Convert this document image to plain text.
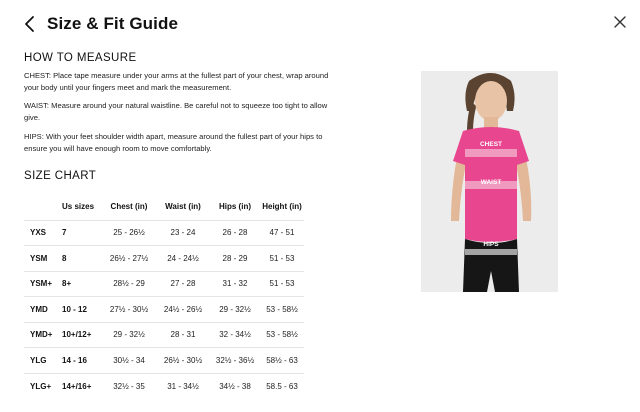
Size & Fit Guide
HOW TO MEASURE

CHEST: Place tape measure under your arms at the fullest part of your chest, wrap around your body until your fingers meet and mark the measurement.

WAIST: Measure around your natural waistline. Be careful not to squeeze too tight to allow give.

HIPS: With your feet shoulder width apart, measure around the fullest part of your hips to ensure you will have enough room to move comfortably.	CHEST
WAIST
HIPS
SIZE CHART
	Us sizes	Chest (in)	Waist (in)	Hips (in)	Height (in)
YXS	7	25 - 26½	23 - 24	26 - 28	47 - 51
YSM	8	26½ - 27½	24 - 24½	28 - 29	51 - 53
YSM+	8+	28½ - 29	27 - 28	31 - 32	51 - 53
YMD	10 - 12	27½ - 30½	24½ - 26½	29 - 32½	53 - 58½
YMD+	10+/12+	29 - 32½	28 - 31	32 - 34½	53 - 58½
YLG	14 - 16	30½ - 34	26½ - 30½	32½ - 36½	58½ - 63
YLG+	14+/16+	32½ - 35	31 - 34½	34½ - 38	58.5 - 63
